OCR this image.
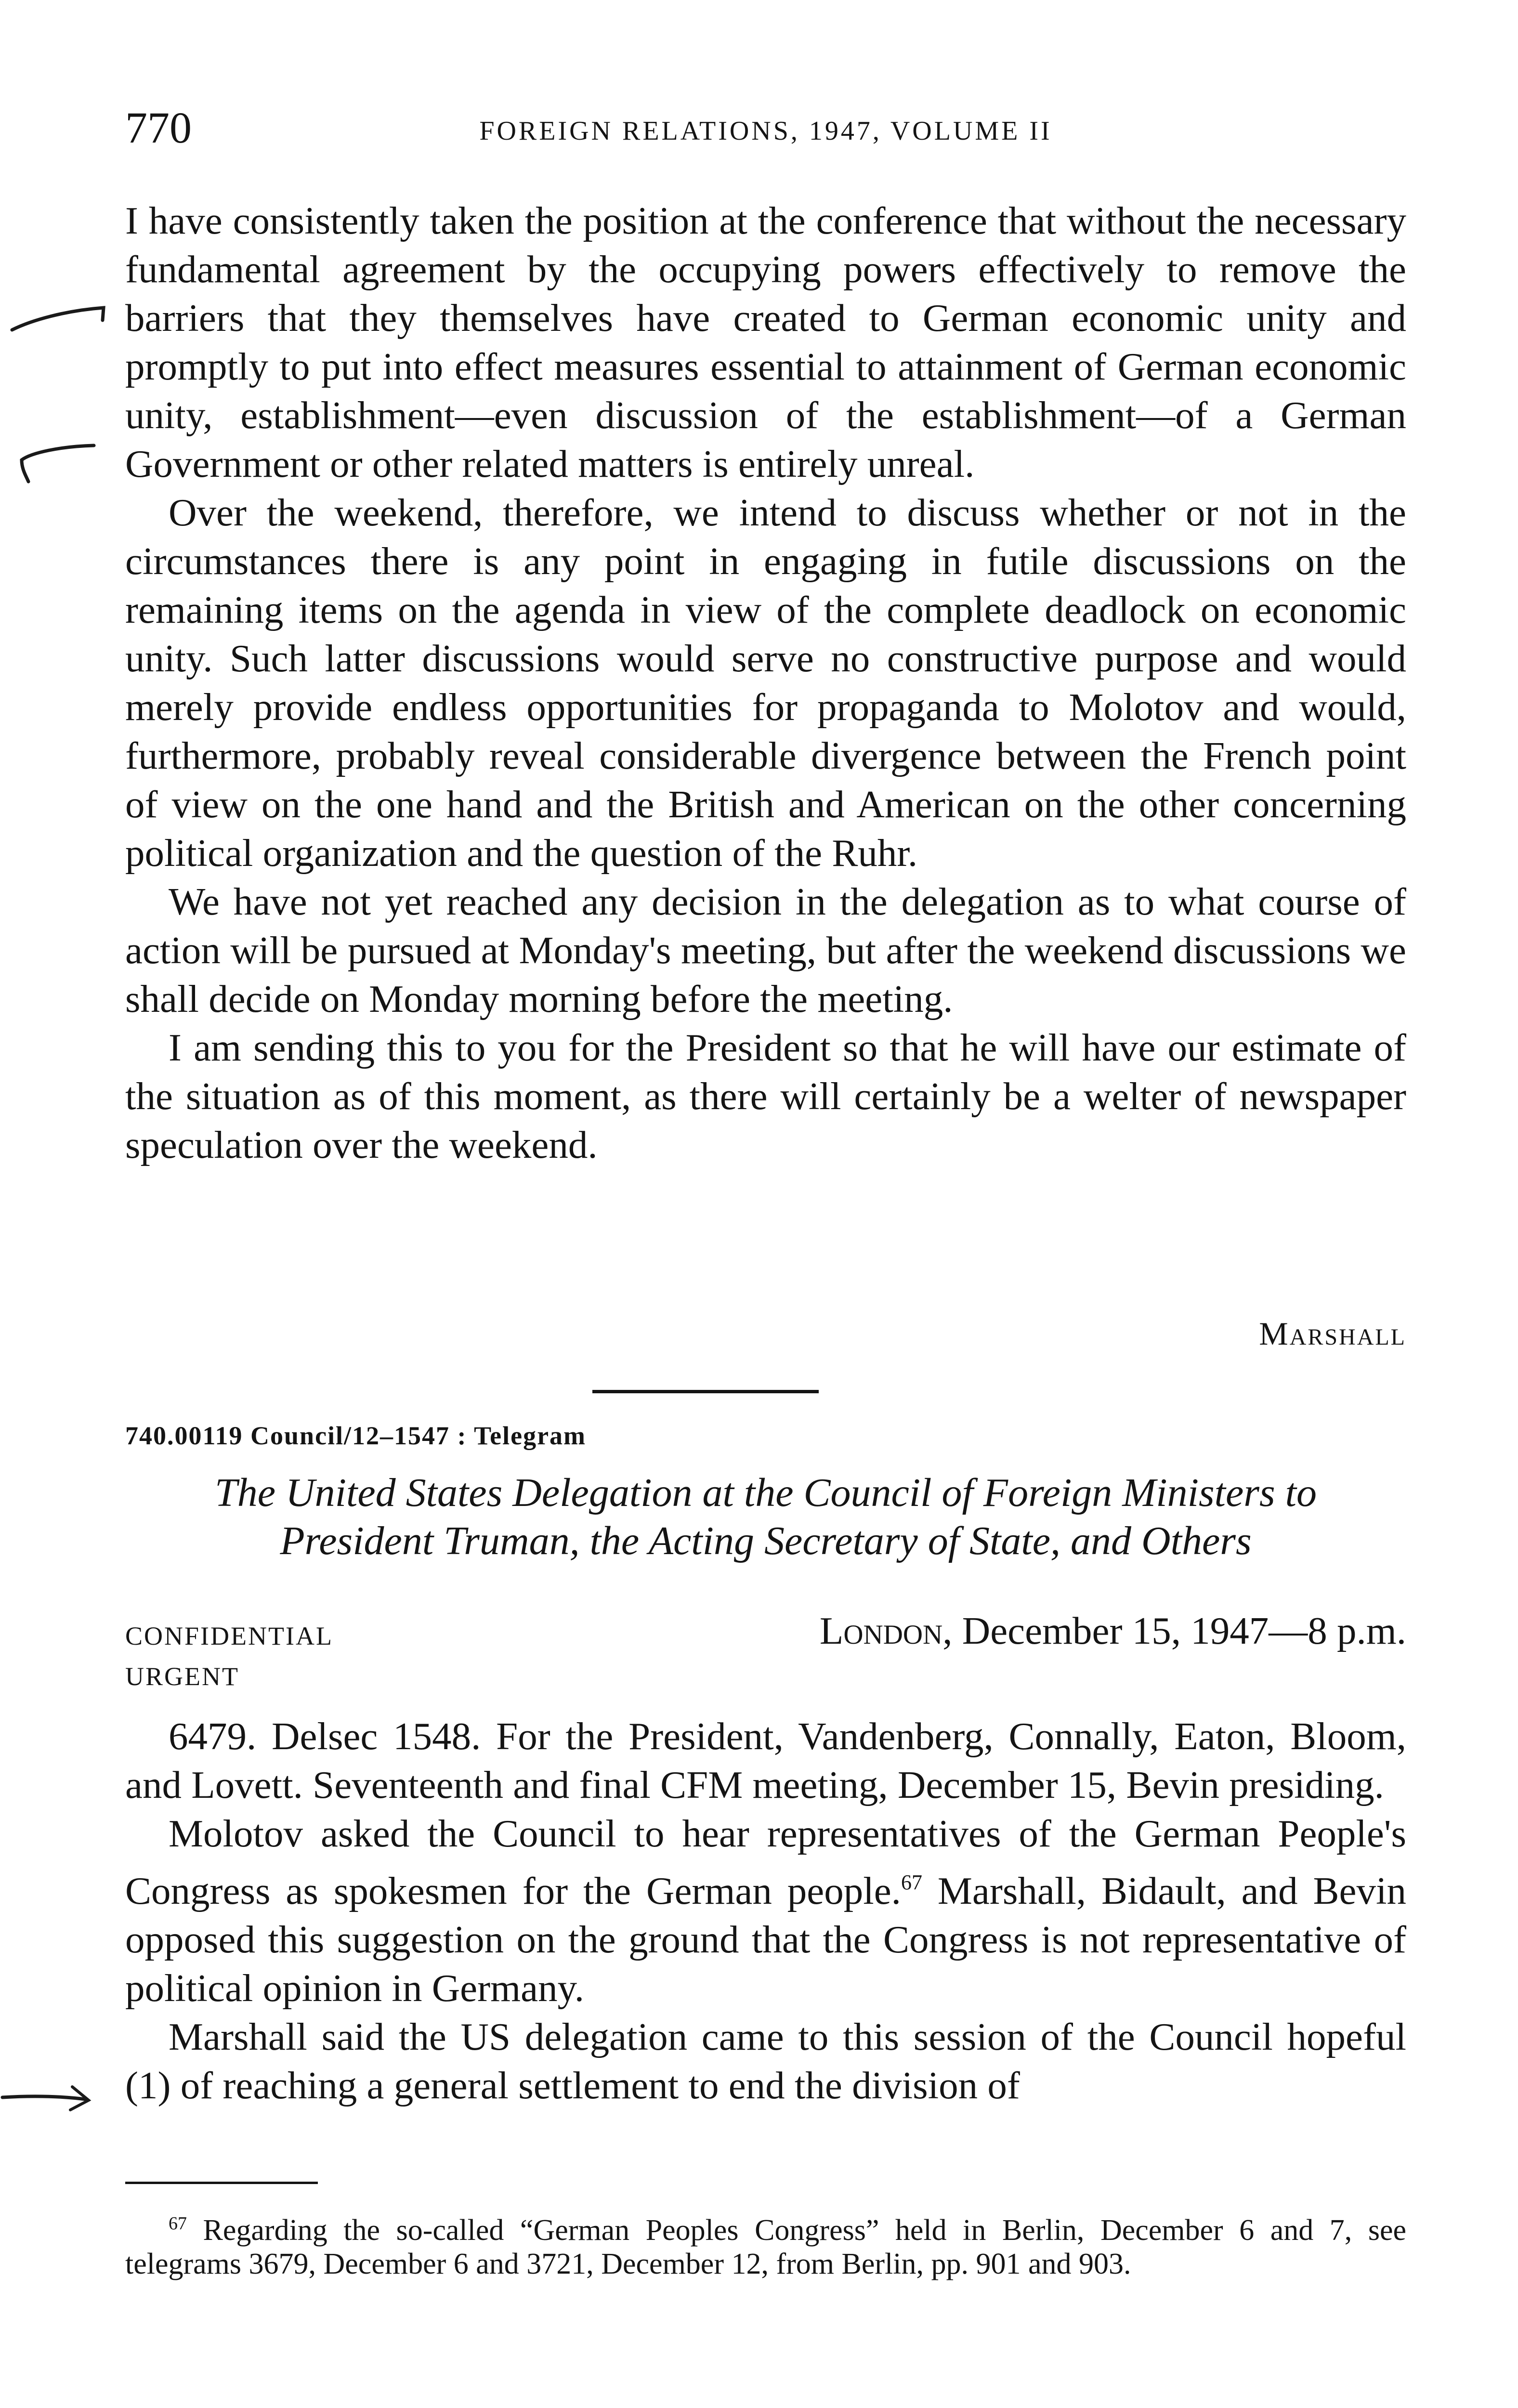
770	FOREIGN RELATIONS, 1947, VOLUME II

I have consistently taken the position at the conference that without the necessary fundamental agreement by the occupying powers effectively to remove the barriers that they themselves have created to German economic unity and promptly to put into effect measures essential to attainment of German economic unity, establishment—even discussion of the establishment—of a German Government or other related matters is entirely unreal.

Over the weekend, therefore, we intend to discuss whether or not in the circumstances there is any point in engaging in futile discussions on the remaining items on the agenda in view of the complete deadlock on economic unity. Such latter discussions would serve no constructive purpose and would merely provide endless opportunities for propaganda to Molotov and would, furthermore, probably reveal considerable divergence between the French point of view on the one hand and the British and American on the other concerning political organization and the question of the Ruhr.

We have not yet reached any decision in the delegation as to what course of action will be pursued at Monday's meeting, but after the weekend discussions we shall decide on Monday morning before the meeting.

I am sending this to you for the President so that he will have our estimate of the situation as of this moment, as there will certainly be a welter of newspaper speculation over the weekend.

Marshall
740.00119 Council/12–1547 : Telegram
The United States Delegation at the Council of Foreign Ministers to
President Truman, the Acting Secretary of State, and Others
CONFIDENTIAL
URGENT
London, December 15, 1947—8 p.m.

6479. Delsec 1548. For the President, Vandenberg, Connally, Eaton, Bloom, and Lovett. Seventeenth and final CFM meeting, December 15, Bevin presiding.

Molotov asked the Council to hear representatives of the German People's Congress as spokesmen for the German people.$^{67}$ Marshall, Bidault, and Bevin opposed this suggestion on the ground that the Congress is not representative of political opinion in Germany.

Marshall said the US delegation came to this session of the Council hopeful (1) of reaching a general settlement to end the division of

$^{67}$ Regarding the so-called “German Peoples Congress” held in Berlin, December 6 and 7, see telegrams 3679, December 6 and 3721, December 12, from Berlin, pp. 901 and 903.
